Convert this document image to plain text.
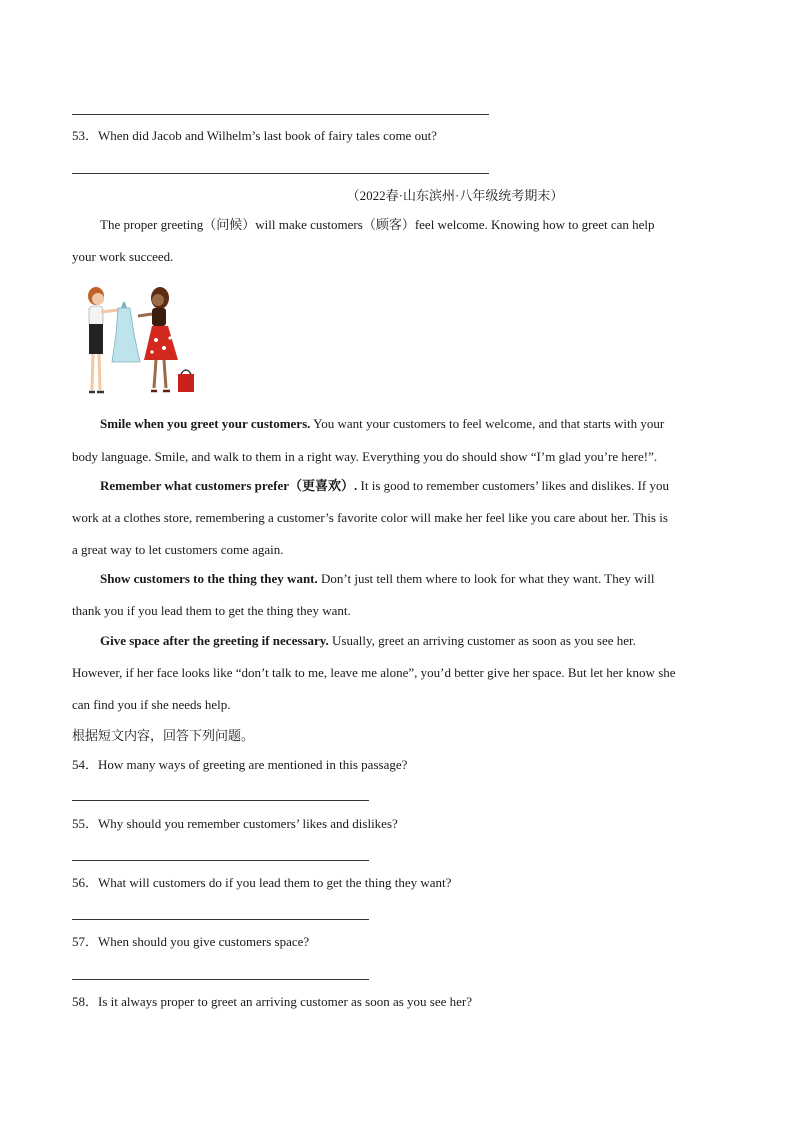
53．When did Jacob and Wilhelm’s last book of fairy tales come out?
（2022春·山东滨州·八年级统考期末）
The proper greeting（问候）will make customers（顾客）feel welcome. Knowing how to greet can help
your work succeed.
Smile when you greet your customers. You want your customers to feel welcome, and that starts with your
body language. Smile, and walk to them in a right way. Everything you do should show “I’m glad you’re here!”.
Remember what customers prefer（更喜欢）. It is good to remember customers’ likes and dislikes. If you
work at a clothes store, remembering a customer’s favorite color will make her feel like you care about her. This is
a great way to let customers come again.
Show customers to the thing they want. Don’t just tell them where to look for what they want. They will
thank you if you lead them to get the thing they want.
Give space after the greeting if necessary. Usually, greet an arriving customer as soon as you see her.
However, if her face looks like “don’t talk to me, leave me alone”, you’d better give her space. But let her know she
can find you if she needs help.
根据短文内容，回答下列问题。
54．How many ways of greeting are mentioned in this passage?
55．Why should you remember customers’ likes and dislikes?
56．What will customers do if you lead them to get the thing they want?
57．When should you give customers space?
58．Is it always proper to greet an arriving customer as soon as you see her?
